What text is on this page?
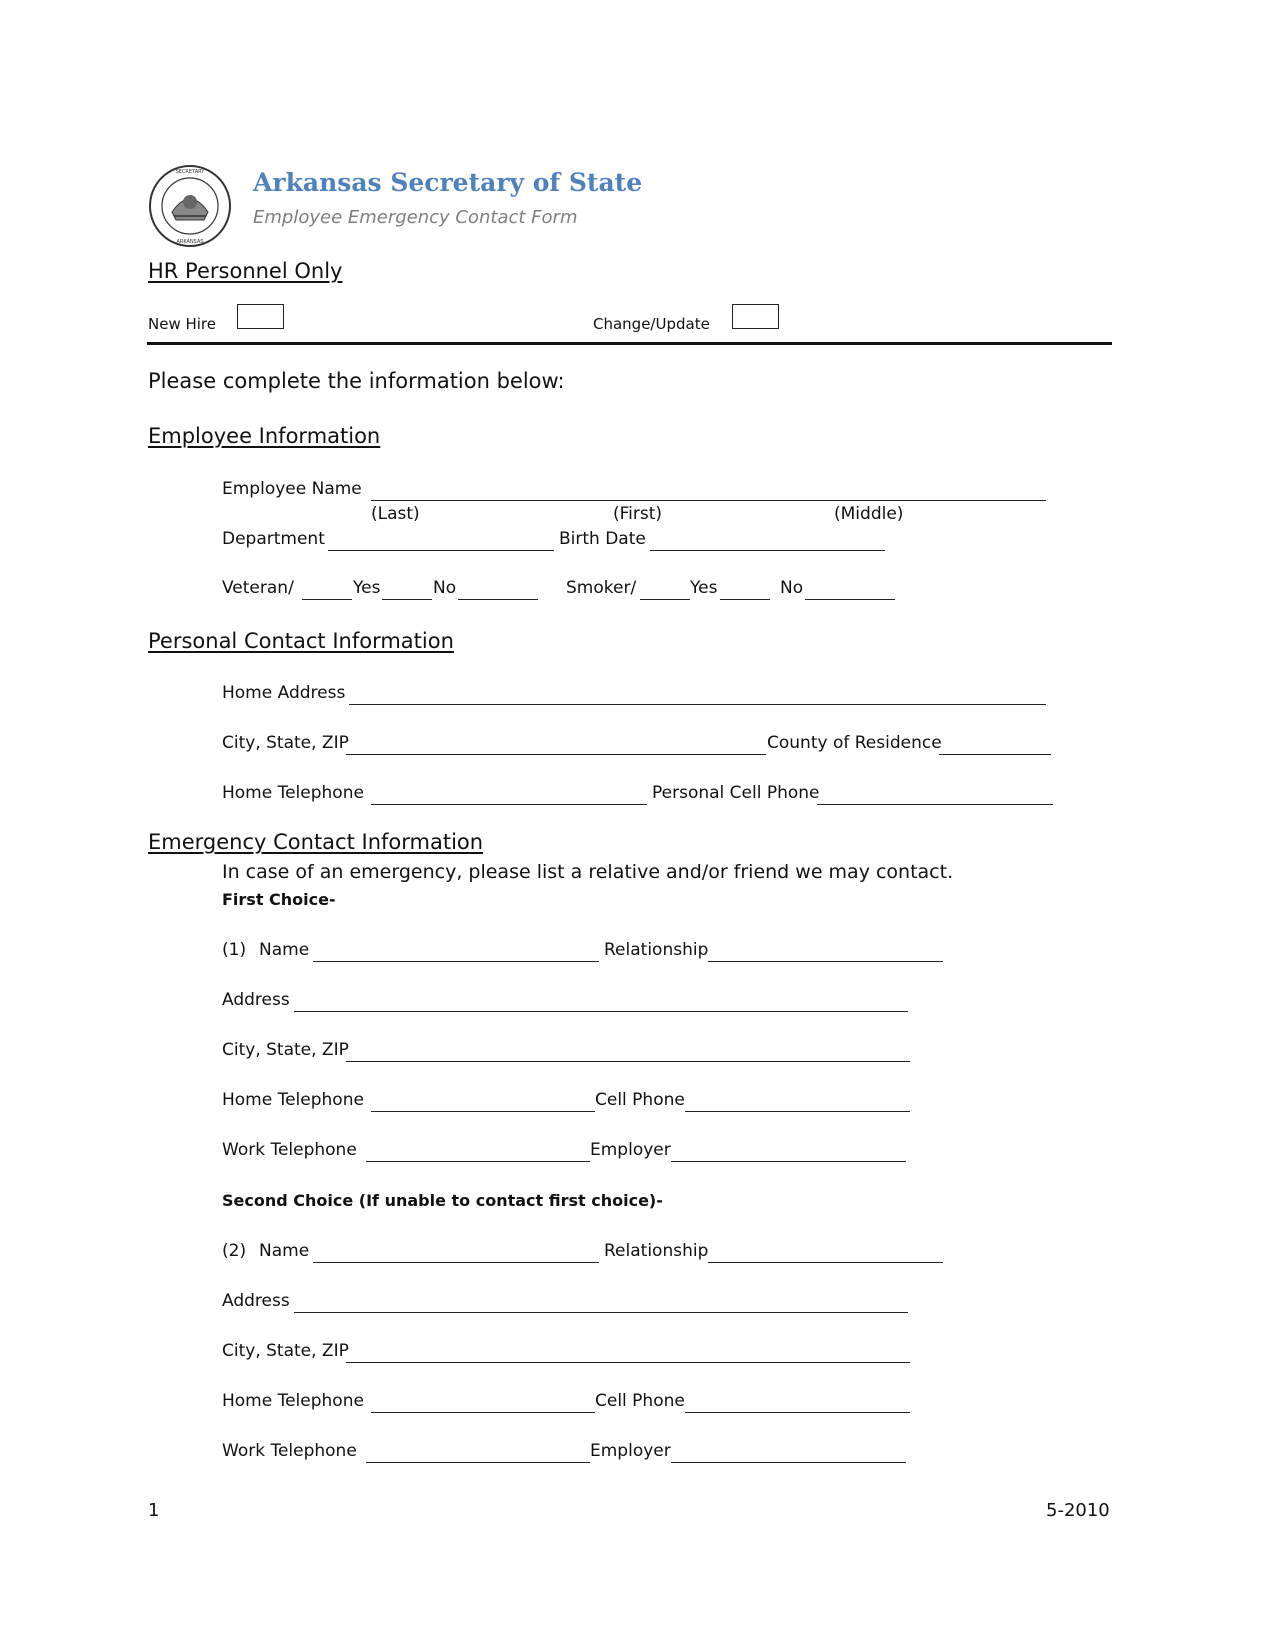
SECRETARY
ARKANSAS
Arkansas Secretary of State
Employee Emergency Contact Form
HR Personnel Only
New Hire	Change/Update
Please complete the information below:
Employee Information
Employee Name
(Last)	(First)	(Middle)
Department	Birth Date
Veteran/	Yes	No	Smoker/	Yes	No
Personal Contact Information
Home Address
City, State, ZIP	County of Residence
Home Telephone	Personal Cell Phone
Emergency Contact Information
In case of an emergency, please list a relative and/or friend we may contact.
First Choice-
(1) Name	Relationship
Address
City, State, ZIP
Home Telephone	Cell Phone
Work Telephone	Employer
Second Choice (If unable to contact first choice)-
(2) Name	Relationship
Address
City, State, ZIP
Home Telephone	Cell Phone
Work Telephone	Employer
1	5-2010
